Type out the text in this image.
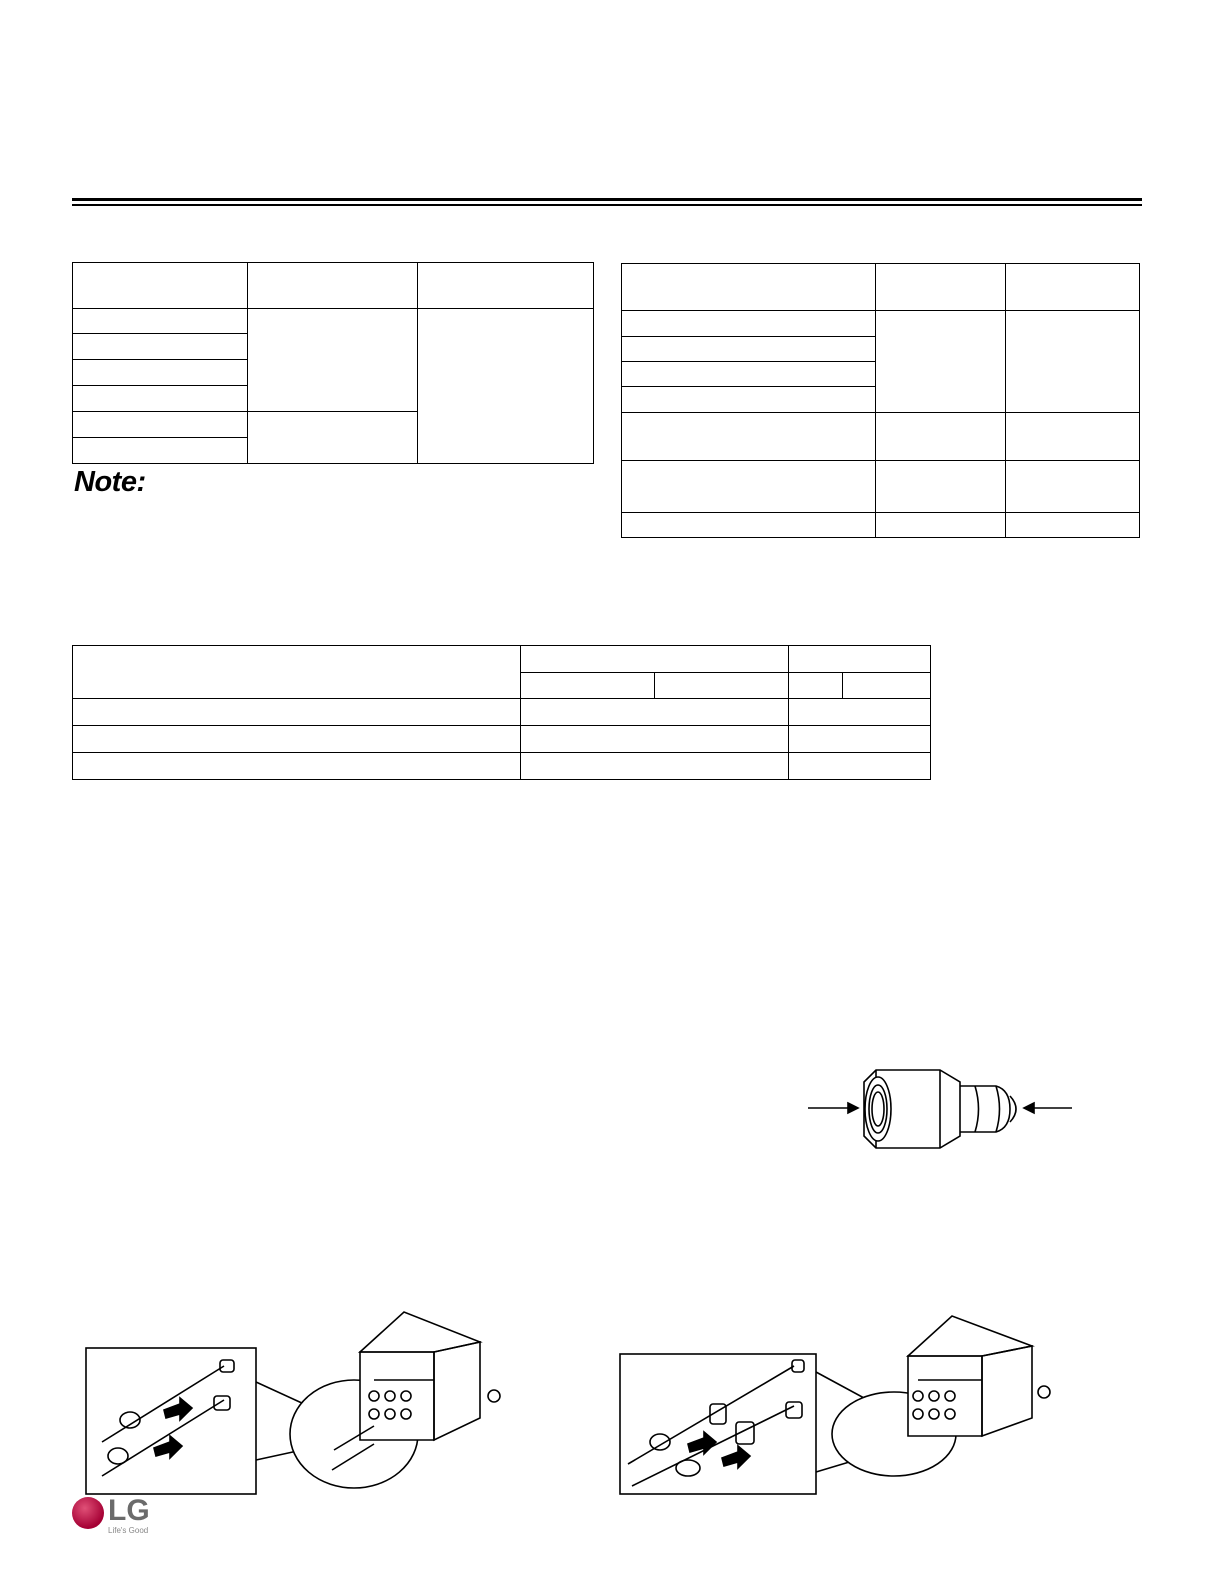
Note:

LG
Life's Good
